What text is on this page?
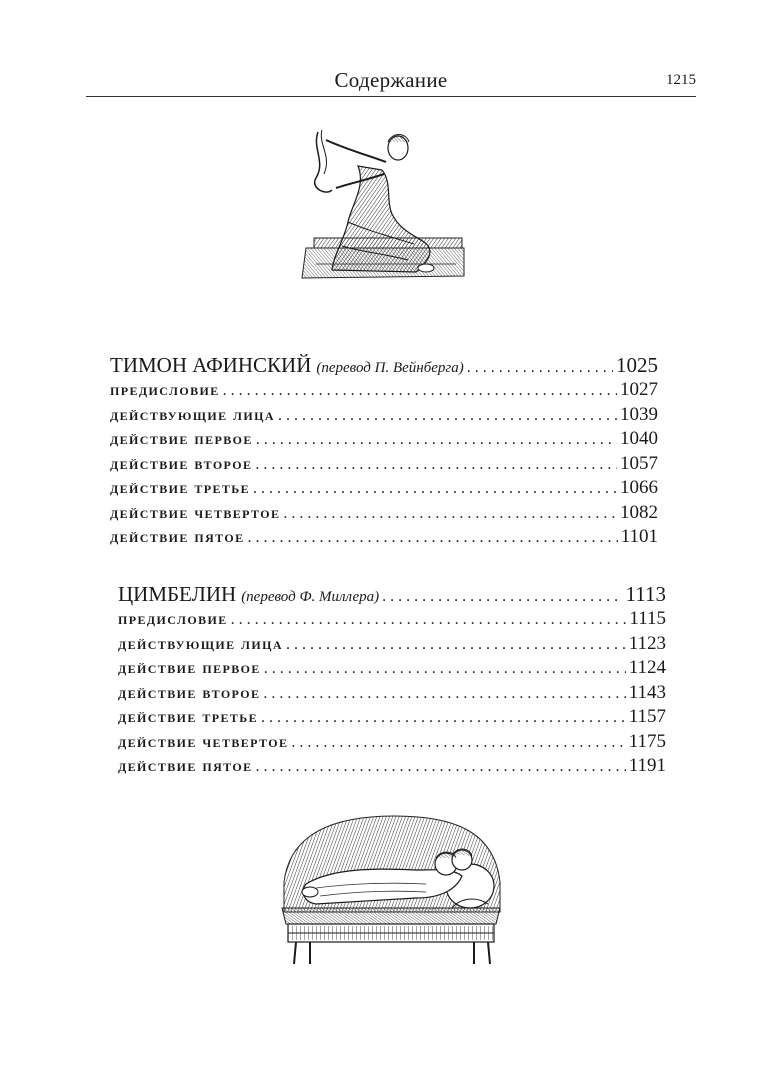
Содержание	1215
ТИМОН АФИНСКИЙ (перевод П. Вейнберга) . . .	1025
предисловие . . .	1027
действующие лица . . .	1039
действие первое . . .	1040
действие второе . . .	1057
действие третье . . .	1066
действие четвертое . . .	1082
действие пятое . . .	1101
ЦИМБЕЛИН (перевод Ф. Миллера) . . .	1113
предисловие . . .	1115
действующие лица . . .	1123
действие первое . . .	1124
действие второе . . .	1143
действие третье . . .	1157
действие четвертое . . .	1175
действие пятое . . .	1191
